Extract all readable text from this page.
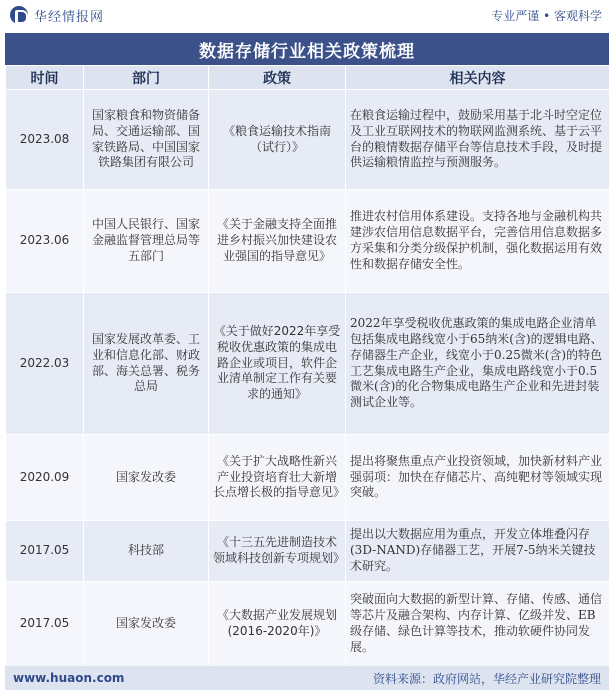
华经情报网	专业严谨 • 客观科学
数据存储行业相关政策梳理
时间	部门	政策	相关内容
2023.08	国家粮食和物资储备局、交通运输部、国家铁路局、中国国家铁路集团有限公司	《粮食运输技术指南（试行）》	在粮食运输过程中，鼓励采用基于北斗时空定位及工业互联网技术的物联网监测系统、基于云平台的粮情数据存储平台等信息技术手段，及时提供运输粮情监控与预测服务。
2023.06	中国人民银行、国家金融监督管理总局等五部门	《关于金融支持全面推进乡村振兴加快建设农业强国的指导意见》	推进农村信用体系建设。支持各地与金融机构共建涉农信用信息数据平台，完善信用信息数据多方采集和分类分级保护机制，强化数据运用有效性和数据存储安全性。
2022.03	国家发展改革委、工业和信息化部、财政部、海关总署、税务总局	《关于做好2022年享受税收优惠政策的集成电路企业或项目，软件企业清单制定工作有关要求的通知》	2022年享受税收优惠政策的集成电路企业清单包括集成电路线宽小于65纳米(含)的逻辑电路、存储器生产企业，线宽小于0.25微米(含)的特色工艺集成电路生产企业，集成电路线宽小于0.5微米(含)的化合物集成电路生产企业和先进封装测试企业等。
2020.09	国家发改委	《关于扩大战略性新兴产业投资培育壮大新增长点增长极的指导意见》	提出将聚焦重点产业投资领域，加快新材料产业强弱项：加快在存储芯片、高纯靶材等领域实现突破。
2017.05	科技部	《十三五先进制造技术领域科技创新专项规划》	提出以大数据应用为重点，开发立体堆叠闪存(3D-NAND)存储器工艺，开展7-5纳米关键技术研究。
2017.05	国家发改委	《大数据产业发展规划(2016-2020年)》	突破面向大数据的新型计算、存储、传感、通信等芯片及融合架构、内存计算、亿级并发、EB级存储、绿色计算等技术，推动软硬件协同发展。
www.huaon.com	资料来源：政府网站，华经产业研究院整理
